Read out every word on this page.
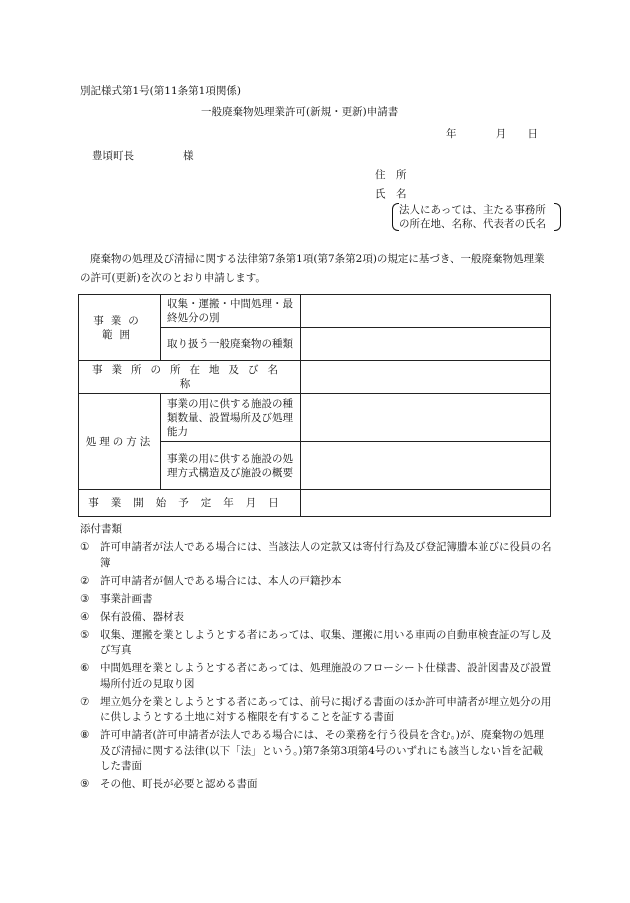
別記様式第1号(第11条第1項関係)
一般廃棄物処理業許可(新規・更新)申請書
年	月 日
豊頃町長	様
住　所
氏　名
法人にあっては、主たる事務所の所在地、名称、代表者の氏名
廃棄物の処理及び清掃に関する法律第7条第1項(第7条第2項)の規定に基づき、一般廃棄物処理業の許可(更新)を次のとおり申請します。
事業の範囲	収集・運搬・中間処理・最終処分の別	
	取り扱う一般廃棄物の種類	
事業所の所在地及び名称		
処理の方法	事業の用に供する施設の種類数量、設置場所及び処理能力	
	事業の用に供する施設の処理方式構造及び施設の概要	
事業開始予定年月日		
添付書類
① 許可申請者が法人である場合には、当該法人の定款又は寄付行為及び登記簿謄本並びに役員の名簿
② 許可申請者が個人である場合には、本人の戸籍抄本
③ 事業計画書
④ 保有設備、器材表
⑤ 収集、運搬を業としようとする者にあっては、収集、運搬に用いる車両の自動車検査証の写し及び写真
⑥ 中間処理を業としようとする者にあっては、処理施設のフローシート仕様書、設計図書及び設置場所付近の見取り図
⑦ 埋立処分を業としようとする者にあっては、前号に掲げる書面のほか許可申請者が埋立処分の用に供しようとする土地に対する権限を有することを証する書面
⑧ 許可申請者(許可申請者が法人である場合には、その業務を行う役員を含む。)が、廃棄物の処理及び清掃に関する法律(以下「法」という。)第7条第3項第4号のいずれにも該当しない旨を記載した書面
⑨ その他、町長が必要と認める書面
